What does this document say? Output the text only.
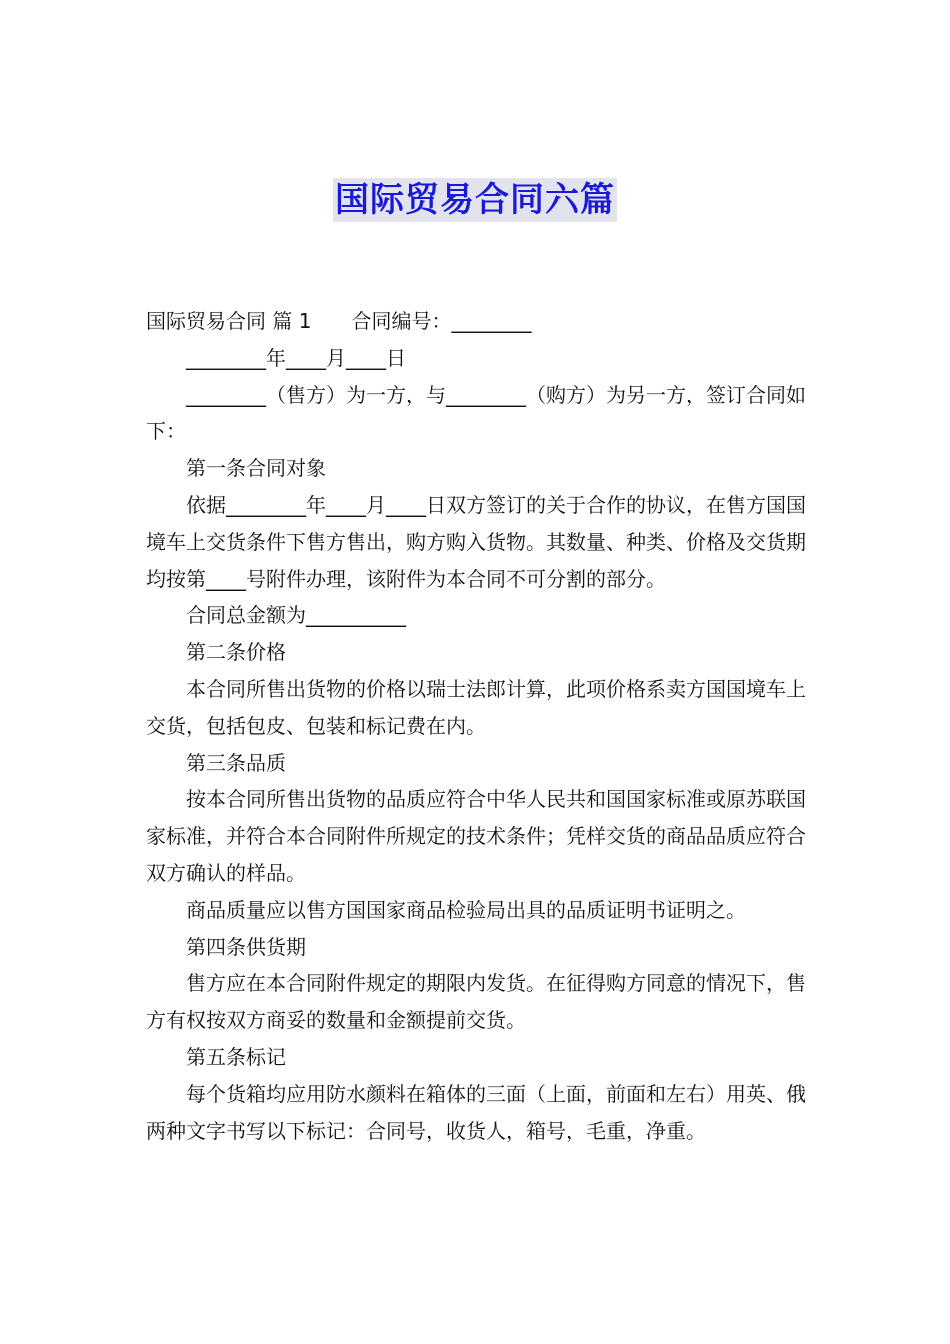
国际贸易合同六篇

国际贸易合同 篇 1 合同编号：________

________年____月____日

________（售方）为一方，与________（购方）为另一方，签订合同如下：

第一条合同对象

依据________年____月____日双方签订的关于合作的协议，在售方国国境车上交货条件下售方售出，购方购入货物。其数量、种类、价格及交货期均按第____号附件办理，该附件为本合同不可分割的部分。

合同总金额为__________

第二条价格

本合同所售出货物的价格以瑞士法郎计算，此项价格系卖方国国境车上交货，包括包皮、包装和标记费在内。

第三条品质

按本合同所售出货物的品质应符合中华人民共和国国家标准或原苏联国家标准，并符合本合同附件所规定的技术条件；凭样交货的商品品质应符合双方确认的样品。

商品质量应以售方国国家商品检验局出具的品质证明书证明之。

第四条供货期

售方应在本合同附件规定的期限内发货。在征得购方同意的情况下，售方有权按双方商妥的数量和金额提前交货。

第五条标记

每个货箱均应用防水颜料在箱体的三面（上面，前面和左右）用英、俄两种文字书写以下标记：合同号，收货人，箱号，毛重，净重。
